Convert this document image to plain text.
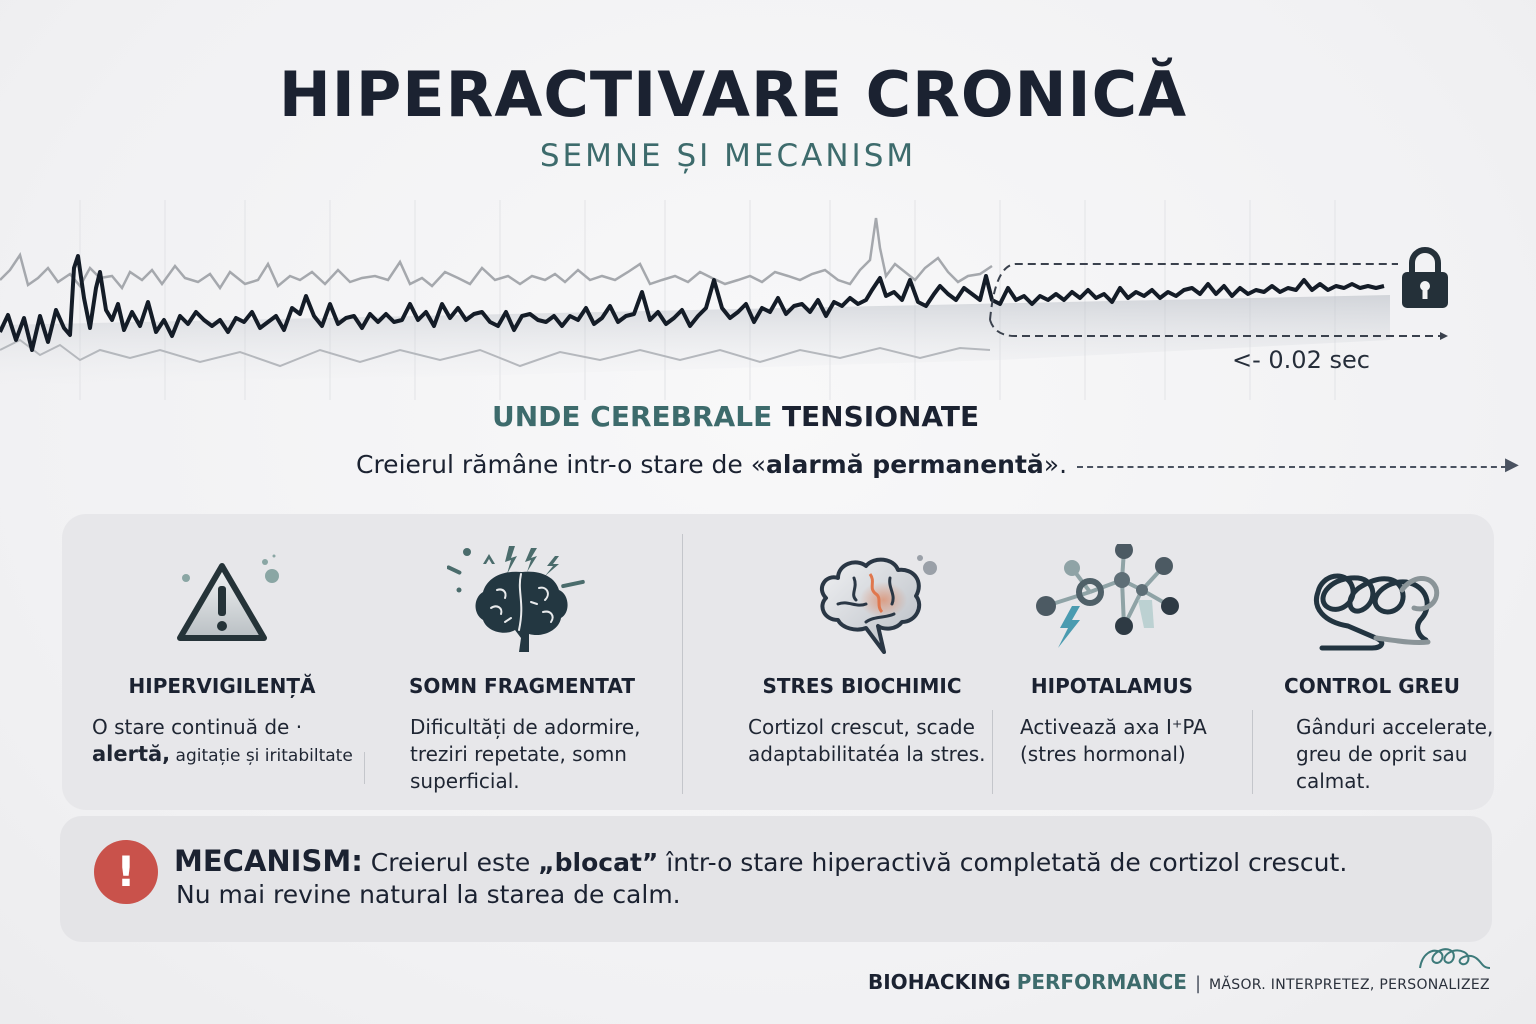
HIPERACTIVARE CRONICĂ
SEMNE ȘI MECANISM
<- 0.02 sec
UNDE CEREBRALE TENSIONATE
Creierul rămâne intr-o stare de « alarmă permanentă ».	▶
HIPERVIGILENȚĂ
O stare continuă de ·
alertă, agitație și iritabiltate
SOMN FRAGMENTAT
Dificultăți de adormire, treziri repetate, somn superficial.
STRES BIOCHIMIC
Cortizol crescut, scade adaptabilitatéa la stres.
HIPOTALAMUS
Activează axa I⁺PA (stres hormonal)
CONTROL GREU
Gânduri accelerate, greu de oprit sau calmat.
!	MECANISM: Creierul este „blocat” într-o stare hiperactivă completată de cortizol crescut.
Nu mai revine natural la starea de calm.
BIOHACKING PERFORMANCE | MĂSOR. INTERPRETEZ, PERSONALIZEZ
